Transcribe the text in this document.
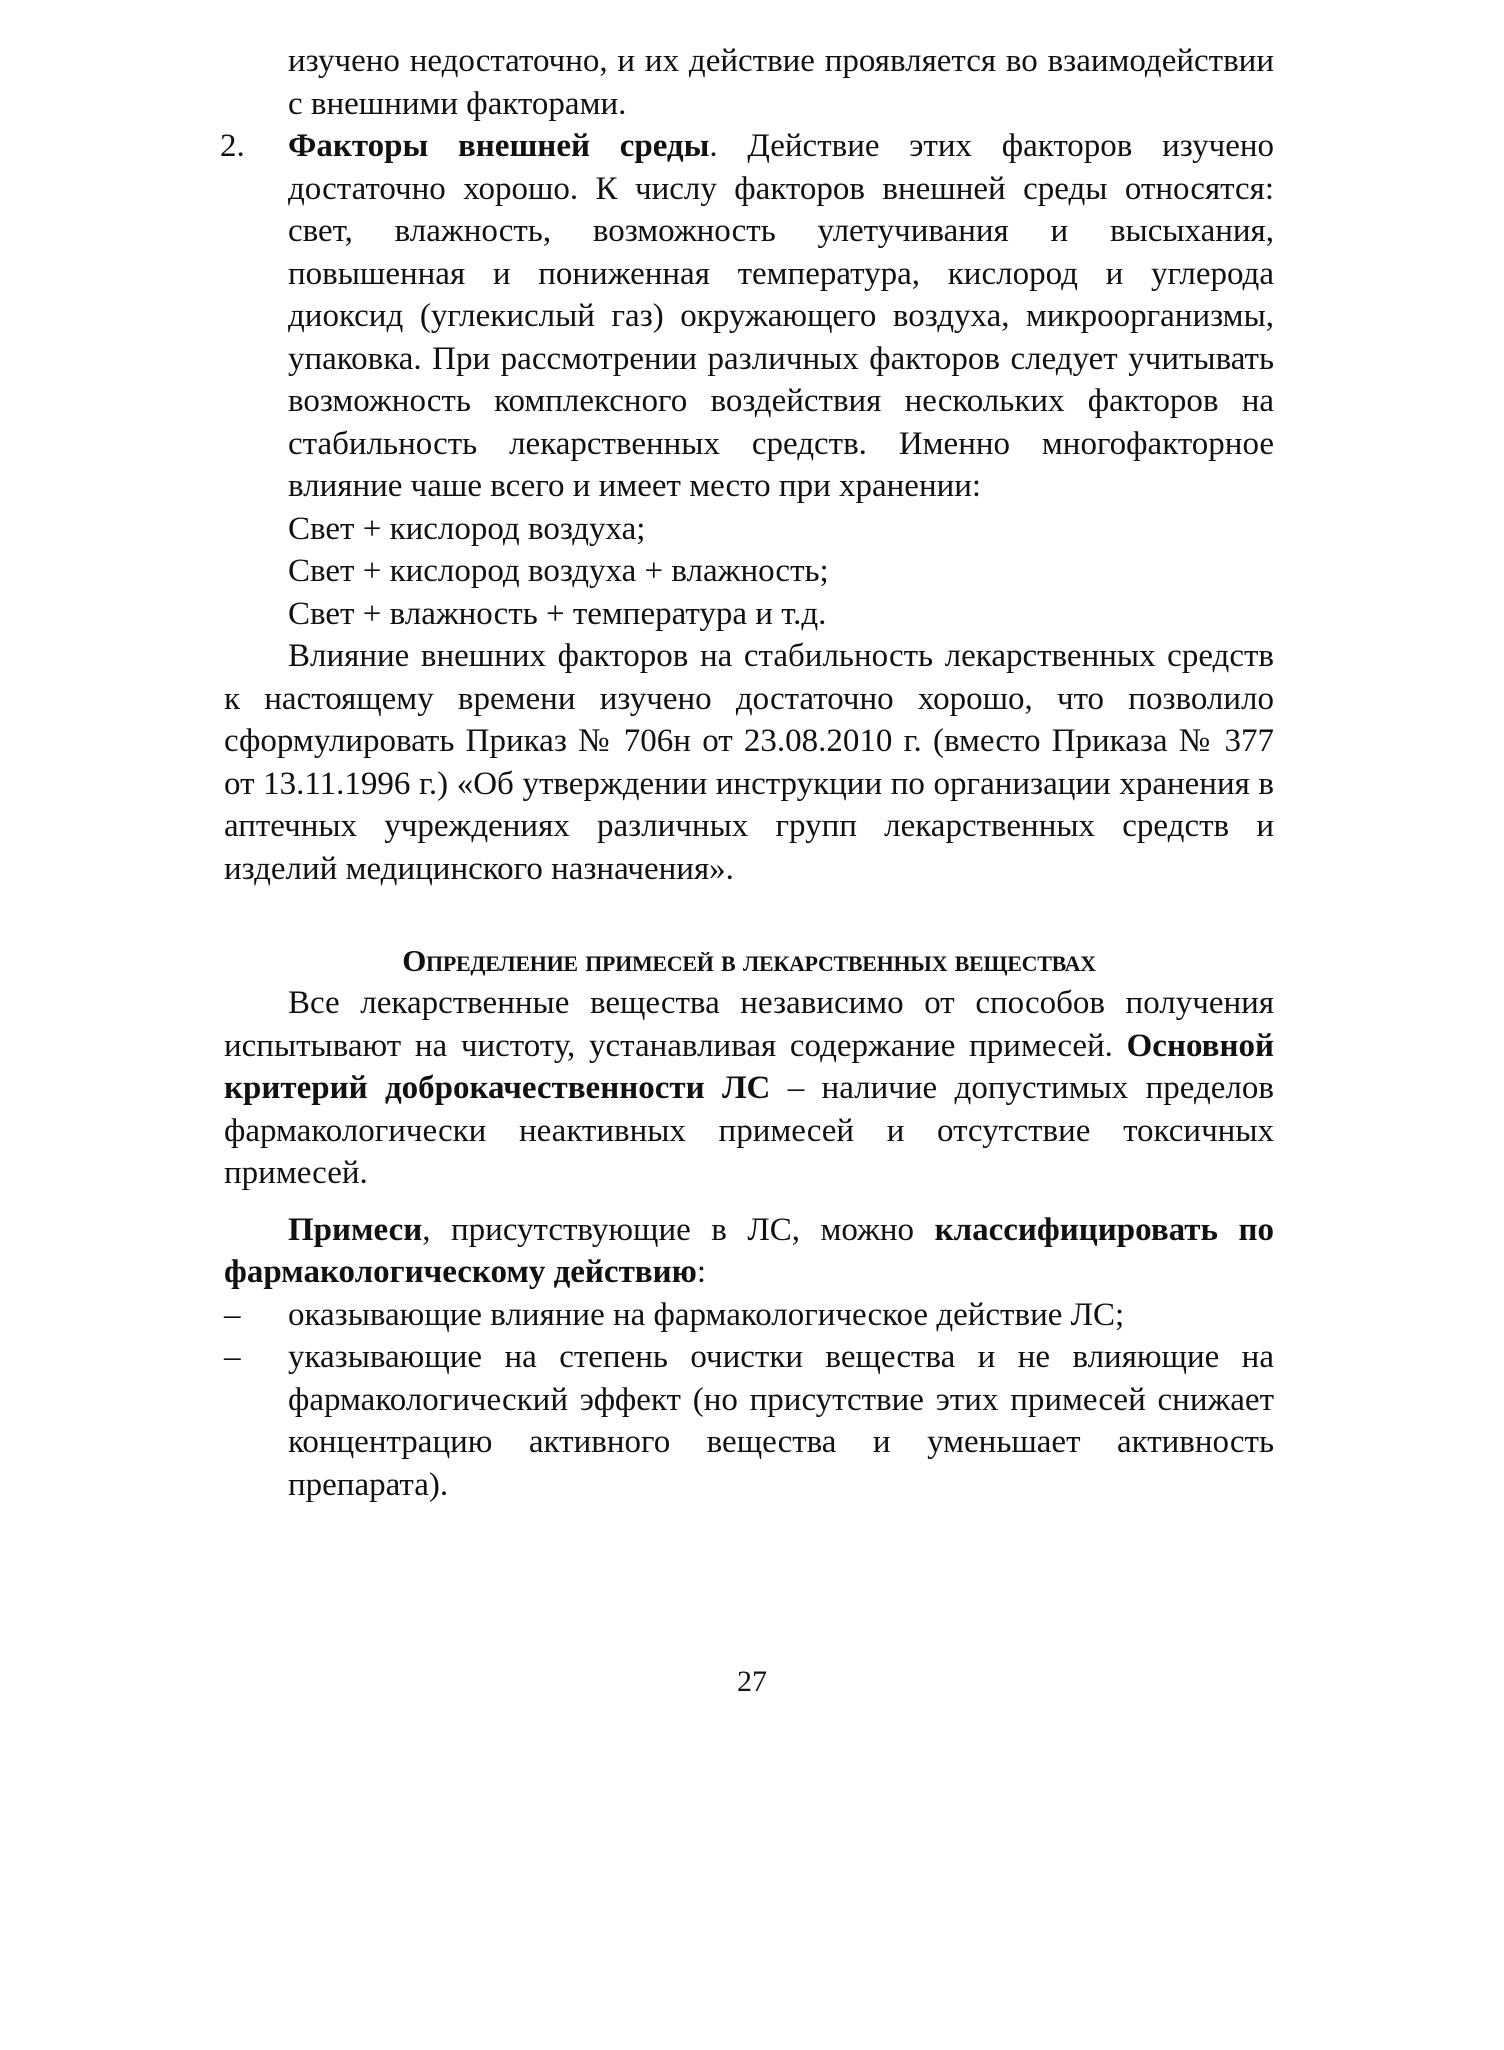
изучено недостаточно, и их действие проявляется во взаимодействии с внешними факторами.

2. Факторы внешней среды. Действие этих факторов изучено достаточно хорошо. К числу факторов внешней среды относятся: свет, влажность, возможность улетучивания и высыхания, повышенная и пониженная температура, кислород и углерода диоксид (углекислый газ) окружающего воздуха, микроорганизмы, упаковка. При рассмотрении различных факторов следует учитывать возможность комплексного воздействия нескольких факторов на стабильность лекарственных средств. Именно многофакторное влияние чаше всего и имеет место при хранении:

Свет + кислород воздуха;

Свет + кислород воздуха + влажность;

Свет + влажность + температура и т.д.

Влияние внешних факторов на стабильность лекарственных средств к настоящему времени изучено достаточно хорошо, что позволило сформулировать Приказ № 706н от 23.08.2010 г. (вместо Приказа № 377 от 13.11.1996 г.) «Об утверждении инструкции по организации хранения в аптечных учреждениях различных групп лекарственных средств и изделий медицинского назначения».

Определение примесей в лекарственных веществах

Все лекарственные вещества независимо от способов получения испытывают на чистоту, устанавливая содержание примесей. Основной критерий доброкачественности ЛС – наличие допустимых пределов фармакологически неактивных примесей и отсутствие токсичных примесей.

Примеси, присутствующие в ЛС, можно классифицировать по фармакологическому действию:

– оказывающие влияние на фармакологическое действие ЛС;

– указывающие на степень очистки вещества и не влияющие на фармакологический эффект (но присутствие этих примесей снижает концентрацию активного вещества и уменьшает активность препарата).

27
